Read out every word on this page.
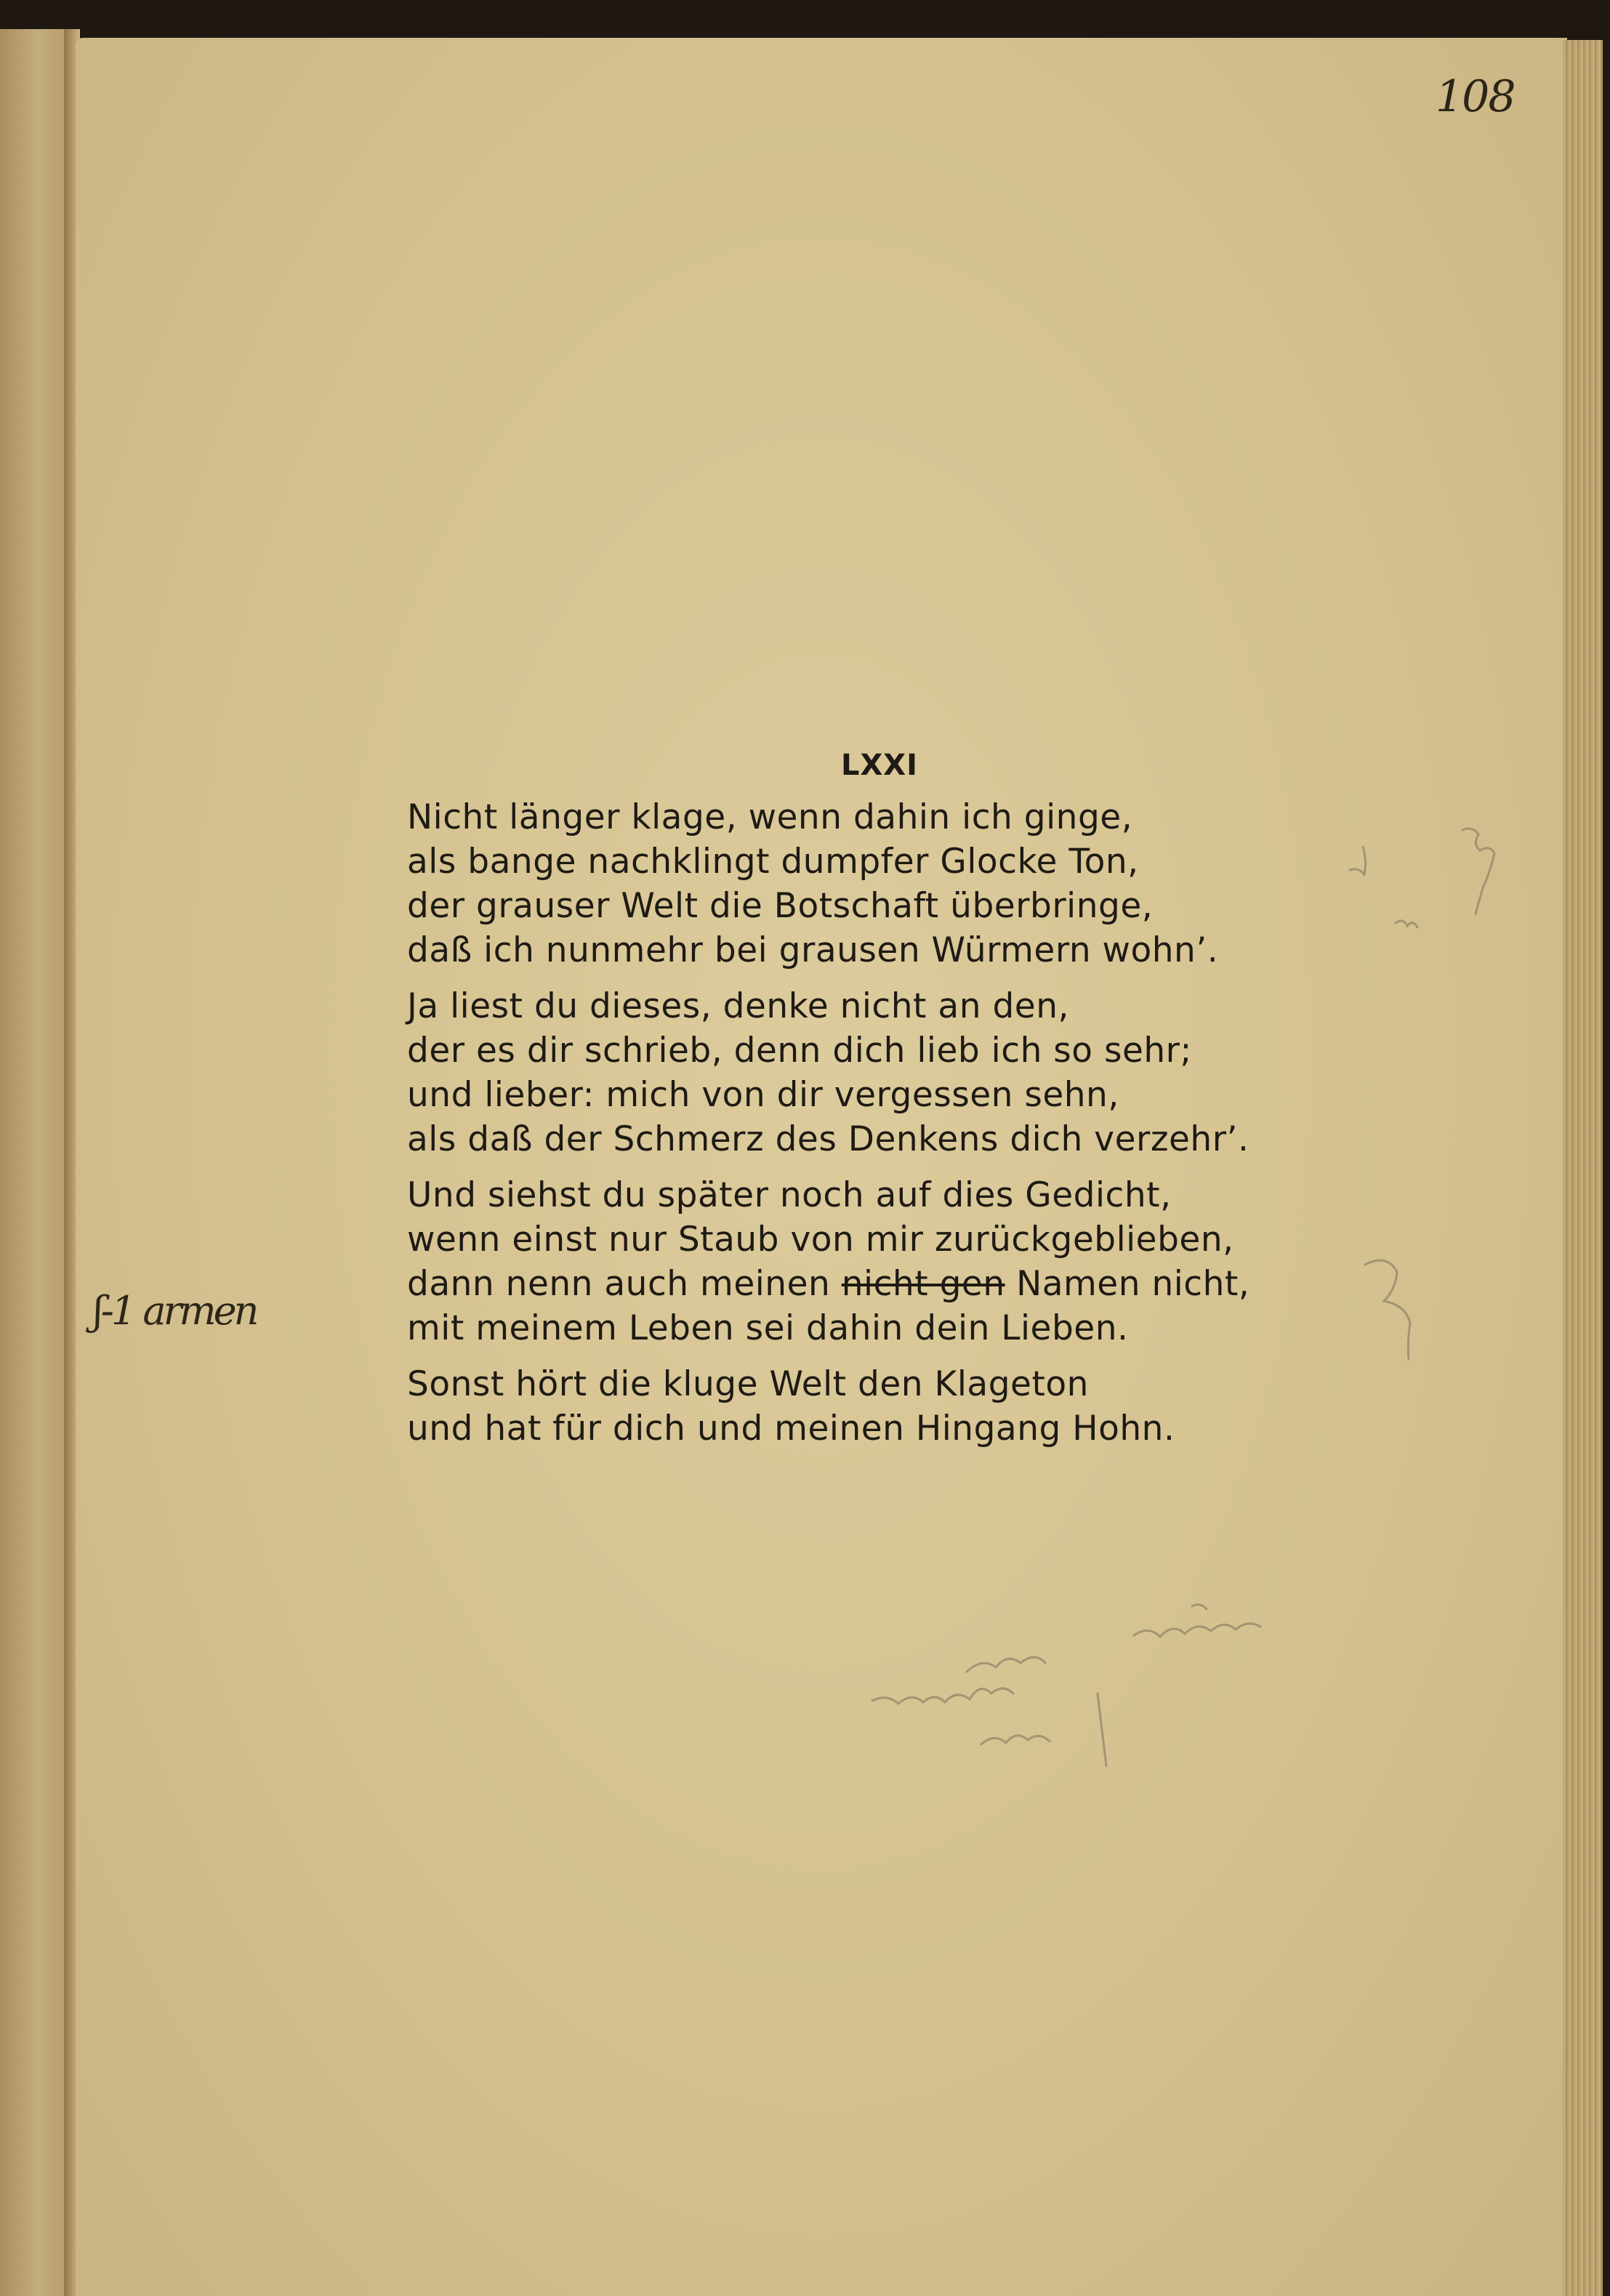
108
LXXI
Nicht länger klage, wenn dahin ich ginge,
als bange nachklingt dumpfer Glocke Ton,
der grauser Welt die Botschaft überbringe,
daß ich nunmehr bei grausen Würmern wohn’.
Ja liest du dieses, denke nicht an den,
der es dir schrieb, denn dich lieb ich so sehr;
und lieber: mich von dir vergessen sehn,
als daß der Schmerz des Denkens dich verzehr’.
Und siehst du später noch auf dies Gedicht,
wenn einst nur Staub von mir zurückgeblieben,
dann nenn auch meinen nicht gen Namen nicht,
mit meinem Leben sei dahin dein Lieben.
Sonst hört die kluge Welt den Klageton
und hat für dich und meinen Hingang Hohn.
ʃ-1 armen
